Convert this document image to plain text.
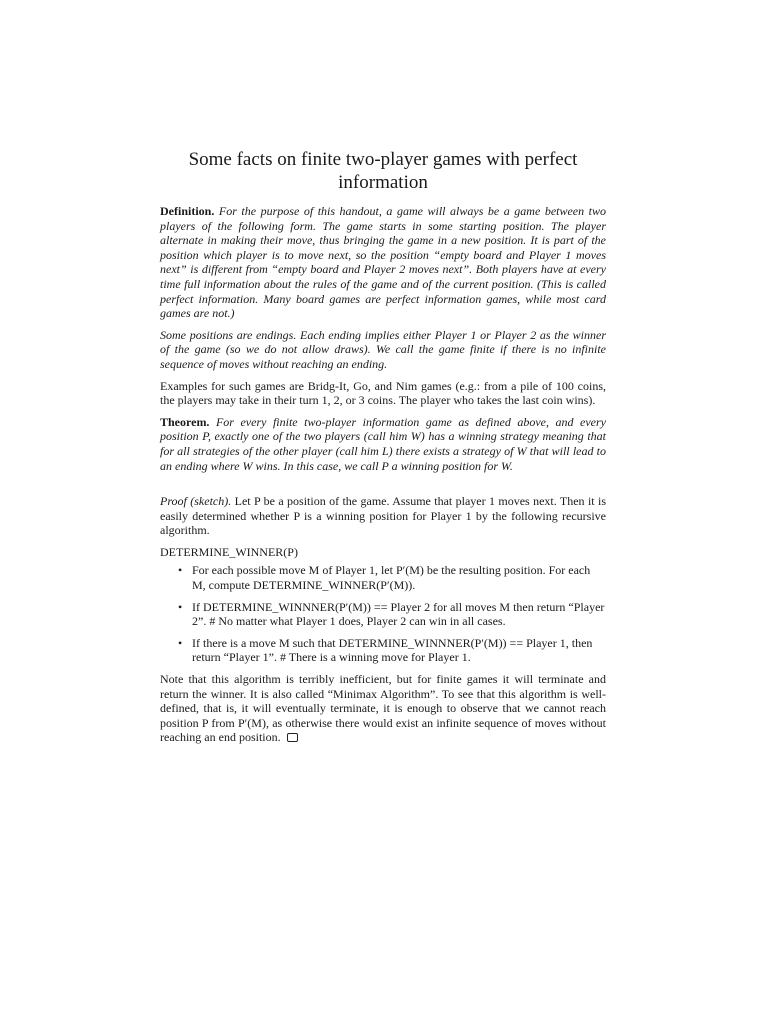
Some facts on finite two-player games with perfect information

Definition. For the purpose of this handout, a game will always be a game between two players of the following form. The game starts in some starting position. The player alternate in making their move, thus bringing the game in a new position. It is part of the position which player is to move next, so the position “empty board and Player 1 moves next” is different from “empty board and Player 2 moves next”. Both players have at every time full information about the rules of the game and of the current position. (This is called perfect information. Many board games are perfect information games, while most card games are not.)

Some positions are endings. Each ending implies either Player 1 or Player 2 as the winner of the game (so we do not allow draws). We call the game finite if there is no infinite sequence of moves without reaching an ending.

Examples for such games are Bridg-It, Go, and Nim games (e.g.: from a pile of 100 coins, the players may take in their turn 1, 2, or 3 coins. The player who takes the last coin wins).

Theorem. For every finite two-player information game as defined above, and every position P, exactly one of the two players (call him W) has a winning strategy meaning that for all strategies of the other player (call him L) there exists a strategy of W that will lead to an ending where W wins. In this case, we call P a winning position for W.

Proof (sketch). Let P be a position of the game. Assume that player 1 moves next. Then it is easily determined whether P is a winning position for Player 1 by the following recursive algorithm.

DETERMINE_WINNER(P)
• For each possible move M of Player 1, let P′(M) be the resulting position. For each M, compute DETERMINE_WINNER(P′(M)).
• If DETERMINE_WINNNER(P′(M)) == Player 2 for all moves M then return “Player 2”. # No matter what Player 1 does, Player 2 can win in all cases.
• If there is a move M such that DETERMINE_WINNNER(P′(M)) == Player 1, then return “Player 1”. # There is a winning move for Player 1.

Note that this algorithm is terribly inefficient, but for finite games it will terminate and return the winner. It is also called “Minimax Algorithm”. To see that this algorithm is well-defined, that is, it will eventually terminate, it is enough to observe that we cannot reach position P from P′(M), as otherwise there would exist an infinite sequence of moves without reaching an end position.
